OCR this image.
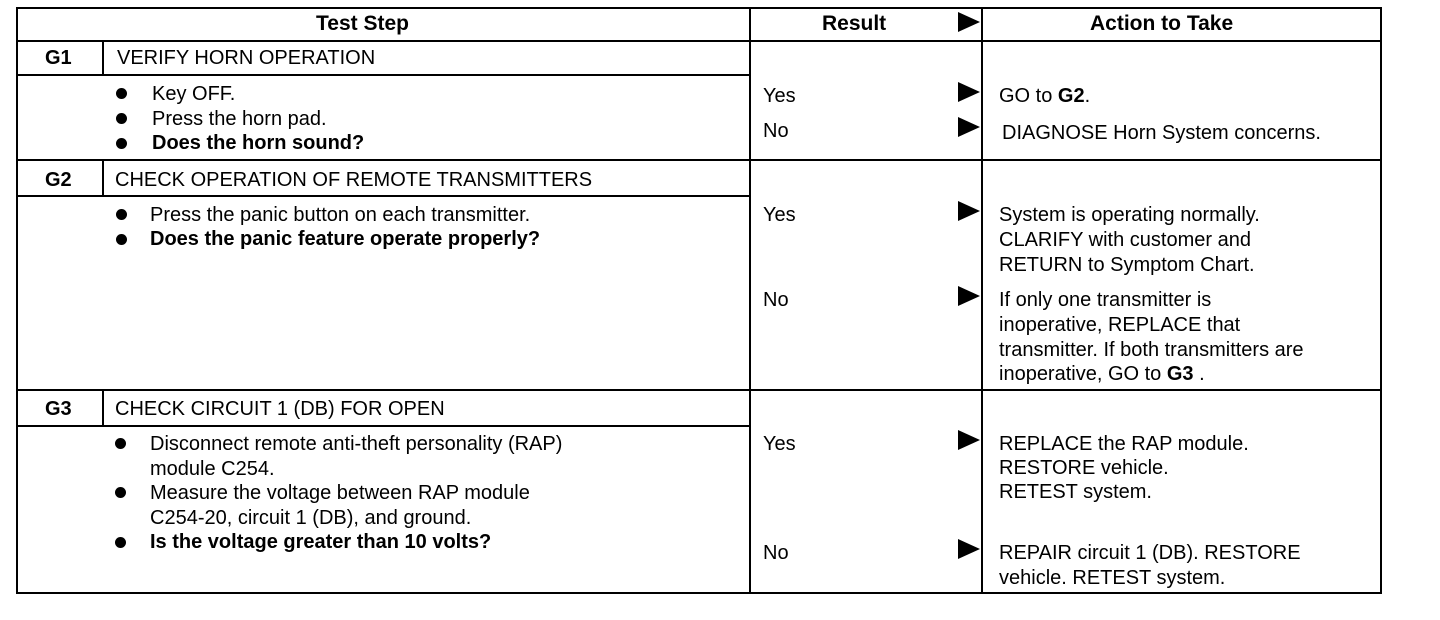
Test Step	Result	Action to Take
G1 VERIFY HORN OPERATION
Key OFF.
Press the horn pad.
Does the horn sound?
Yes	GO to G2.
No	DIAGNOSE Horn System concerns.
G2 CHECK OPERATION OF REMOTE TRANSMITTERS
Press the panic button on each transmitter.
Does the panic feature operate properly?
Yes	System is operating normally.
CLARIFY with customer and
RETURN to Symptom Chart.
No	If only one transmitter is
inoperative, REPLACE that
transmitter. If both transmitters are
inoperative, GO to G3 .
G3 CHECK CIRCUIT 1 (DB) FOR OPEN
Disconnect remote anti-theft personality (RAP)
module C254.
Measure the voltage between RAP module
C254-20, circuit 1 (DB), and ground.
Is the voltage greater than 10 volts?
Yes	REPLACE the RAP module.
RESTORE vehicle.
RETEST system.
No	REPAIR circuit 1 (DB). RESTORE
vehicle. RETEST system.
